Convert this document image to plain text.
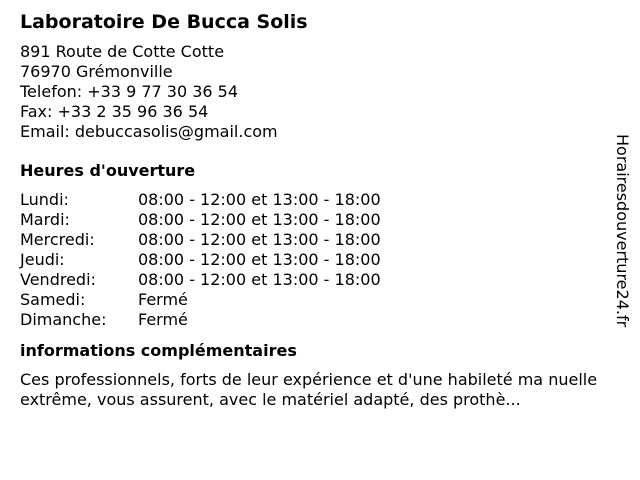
Laboratoire De Bucca Solis
891 Route de Cotte Cotte
76970 Grémonville
Telefon: +33 9 77 30 36 54
Fax: +33 2 35 96 36 54
Email: debuccasolis@gmail.com
Heures d'ouverture
Lundi:	08:00 - 12:00 et 13:00 - 18:00
Mardi:	08:00 - 12:00 et 13:00 - 18:00
Mercredi:	08:00 - 12:00 et 13:00 - 18:00
Jeudi:	08:00 - 12:00 et 13:00 - 18:00
Vendredi:	08:00 - 12:00 et 13:00 - 18:00
Samedi:	Fermé
Dimanche:	Fermé
informations complémentaires
Ces professionnels, forts de leur expérience et d'une habileté ma nuelle extrême, vous assurent, avec le matériel adapté, des prothè...
Horairesdouverture24.fr
